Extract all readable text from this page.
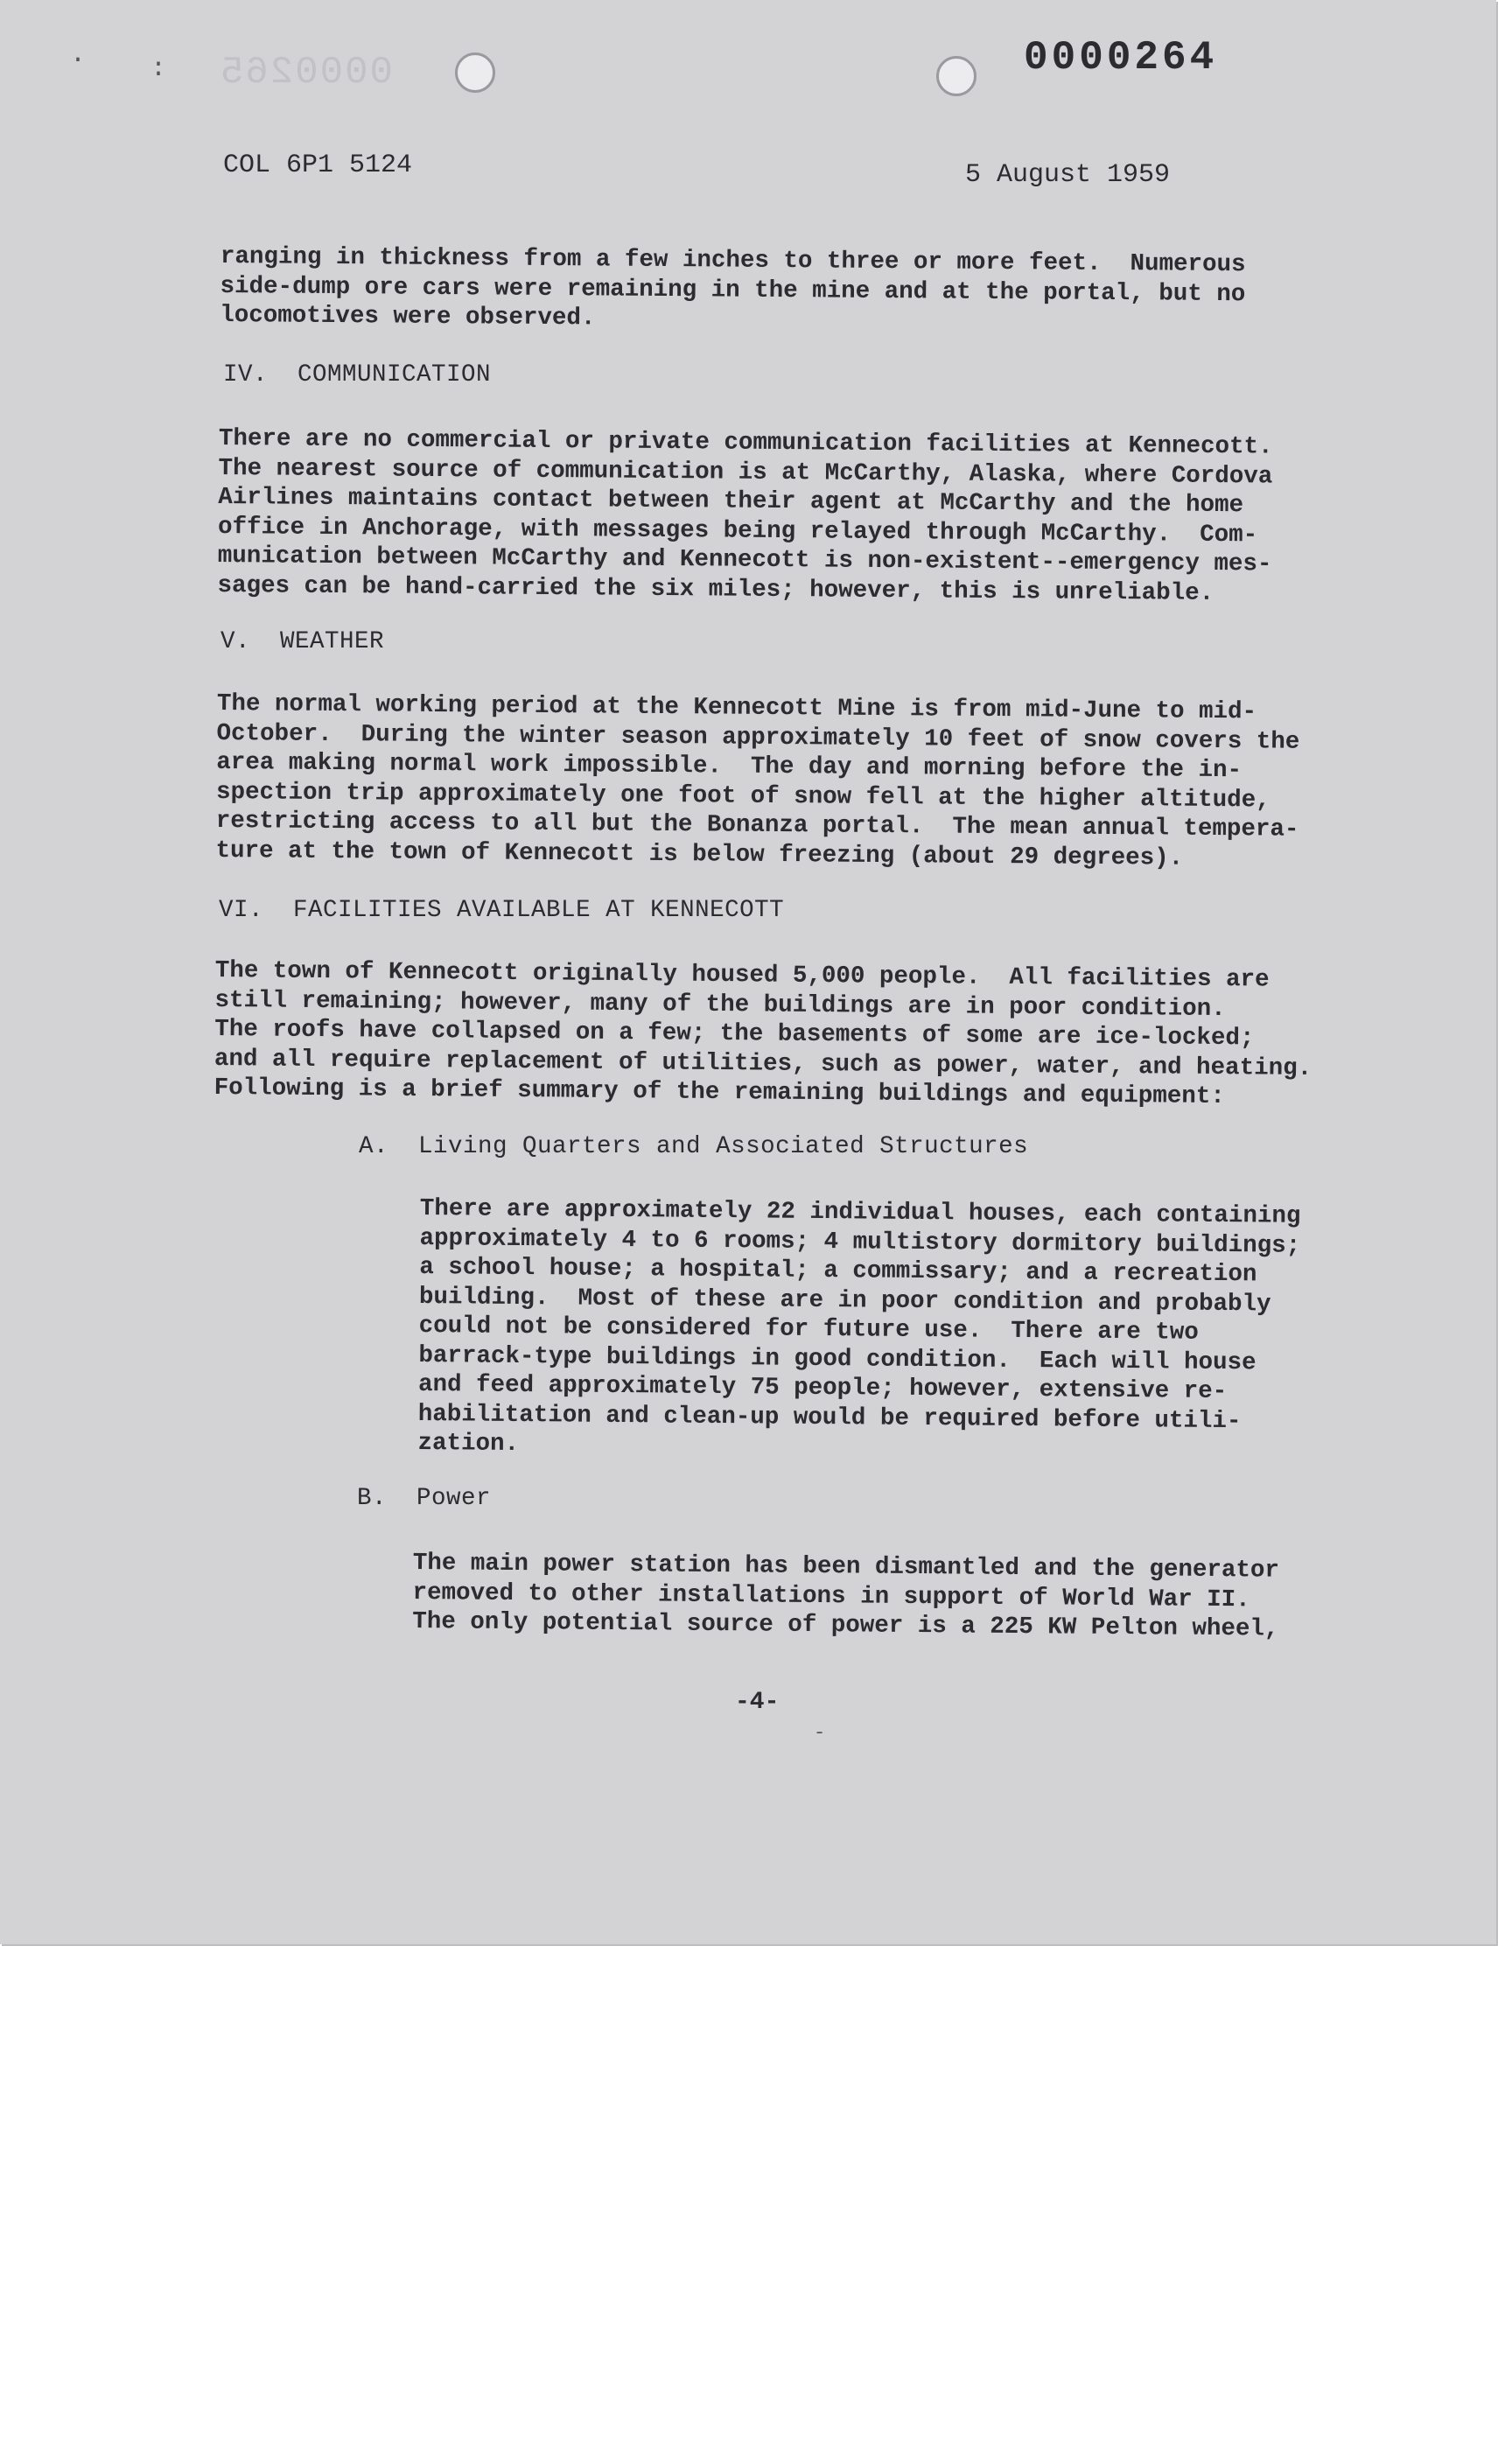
· : 0000265	0000264
COL 6P1 5124	5 August 1959
ranging in thickness from a few inches to three or more feet.  Numerous
side-dump ore cars were remaining in the mine and at the portal, but no
locomotives were observed.
IV.  COMMUNICATION
There are no commercial or private communication facilities at Kennecott.
The nearest source of communication is at McCarthy, Alaska, where Cordova
Airlines maintains contact between their agent at McCarthy and the home
office in Anchorage, with messages being relayed through McCarthy.  Com-
munication between McCarthy and Kennecott is non-existent--emergency mes-
sages can be hand-carried the six miles; however, this is unreliable.
V.  WEATHER
The normal working period at the Kennecott Mine is from mid-June to mid-
October.  During the winter season approximately 10 feet of snow covers the
area making normal work impossible.  The day and morning before the in-
spection trip approximately one foot of snow fell at the higher altitude,
restricting access to all but the Bonanza portal.  The mean annual tempera-
ture at the town of Kennecott is below freezing (about 29 degrees).
VI.  FACILITIES AVAILABLE AT KENNECOTT
The town of Kennecott originally housed 5,000 people.  All facilities are
still remaining; however, many of the buildings are in poor condition.
The roofs have collapsed on a few; the basements of some are ice-locked;
and all require replacement of utilities, such as power, water, and heating.
Following is a brief summary of the remaining buildings and equipment:
A.  Living Quarters and Associated Structures
There are approximately 22 individual houses, each containing
approximately 4 to 6 rooms; 4 multistory dormitory buildings;
a school house; a hospital; a commissary; and a recreation
building.  Most of these are in poor condition and probably
could not be considered for future use.  There are two
barrack-type buildings in good condition.  Each will house
and feed approximately 75 people; however, extensive re-
habilitation and clean-up would be required before utili-
zation.
B.  Power
The main power station has been dismantled and the generator
removed to other installations in support of World War II.
The only potential source of power is a 225 KW Pelton wheel,
-4-
-
